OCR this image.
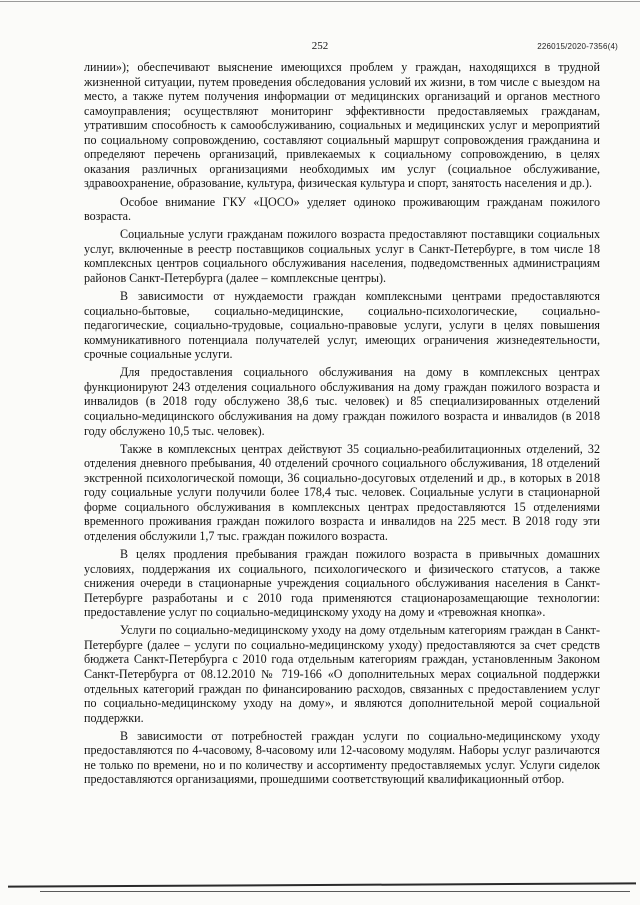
252	226015/2020-7356(4)

линии»); обеспечивают выяснение имеющихся проблем у граждан, находящихся в трудной жизненной ситуации, путем проведения обследования условий их жизни, в том числе с выездом на место, а также путем получения информации от медицинских организаций и органов местного самоуправления; осуществляют мониторинг эффективности предоставляемых гражданам, утратившим способность к самообслуживанию, социальных и медицинских услуг и мероприятий по социальному сопровождению, составляют социальный маршрут сопровождения гражданина и определяют перечень организаций, привлекаемых к социальному сопровождению, в целях оказания различных организациями необходимых им услуг (социальное обслуживание, здравоохранение, образование, культура, физическая культура и спорт, занятость населения и др.).

Особое внимание ГКУ «ЦОСО» уделяет одиноко проживающим гражданам пожилого возраста.

Социальные услуги гражданам пожилого возраста предоставляют поставщики социальных услуг, включенные в реестр поставщиков социальных услуг в Санкт-Петербурге, в том числе 18 комплексных центров социального обслуживания населения, подведомственных администрациям районов Санкт-Петербурга (далее – комплексные центры).

В зависимости от нуждаемости граждан комплексными центрами предоставляются социально-бытовые, социально-медицинские, социально-психологические, социально-педагогические, социально-трудовые, социально-правовые услуги, услуги в целях повышения коммуникативного потенциала получателей услуг, имеющих ограничения жизнедеятельности, срочные социальные услуги.

Для предоставления социального обслуживания на дому в комплексных центрах функционируют 243 отделения социального обслуживания на дому граждан пожилого возраста и инвалидов (в 2018 году обслужено 38,6 тыс. человек) и 85 специализированных отделений социально-медицинского обслуживания на дому граждан пожилого возраста и инвалидов (в 2018 году обслужено 10,5 тыс. человек).

Также в комплексных центрах действуют 35 социально-реабилитационных отделений, 32 отделения дневного пребывания, 40 отделений срочного социального обслуживания, 18 отделений экстренной психологической помощи, 36 социально-досуговых отделений и др., в которых в 2018 году социальные услуги получили более 178,4 тыс. человек. Социальные услуги в стационарной форме социального обслуживания в комплексных центрах предоставляются 15 отделениями временного проживания граждан пожилого возраста и инвалидов на 225 мест. В 2018 году эти отделения обслужили 1,7 тыс. граждан пожилого возраста.

В целях продления пребывания граждан пожилого возраста в привычных домашних условиях, поддержания их социального, психологического и физического статусов, а также снижения очереди в стационарные учреждения социального обслуживания населения в Санкт-Петербурге разработаны и с 2010 года применяются стационарозамещающие технологии: предоставление услуг по социально-медицинскому уходу на дому и «тревожная кнопка».

Услуги по социально-медицинскому уходу на дому отдельным категориям граждан в Санкт-Петербурге (далее – услуги по социально-медицинскому уходу) предоставляются за счет средств бюджета Санкт-Петербурга с 2010 года отдельным категориям граждан, установленным Законом Санкт-Петербурга от 08.12.2010 № 719-166 «О дополнительных мерах социальной поддержки отдельных категорий граждан по финансированию расходов, связанных с предоставлением услуг по социально-медицинскому уходу на дому», и являются дополнительной мерой социальной поддержки.

В зависимости от потребностей граждан услуги по социально-медицинскому уходу предоставляются по 4-часовому, 8-часовому или 12-часовому модулям. Наборы услуг различаются не только по времени, но и по количеству и ассортименту предоставляемых услуг. Услуги сиделок предоставляются организациями, прошедшими соответствующий квалификационный отбор.
